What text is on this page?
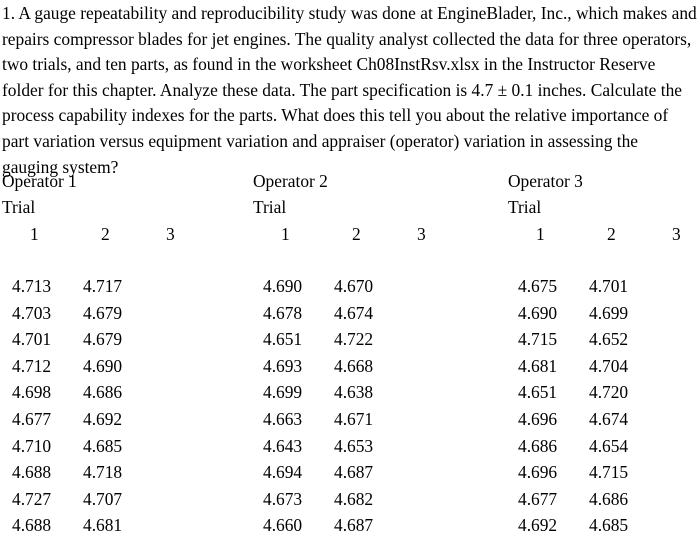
1. A gauge repeatability and reproducibility study was done at EngineBlader, Inc., which makes and repairs compressor blades for jet engines. The quality analyst collected the data for three operators, two trials, and ten parts, as found in the worksheet Ch08InstRsv.xlsx in the Instructor Reserve folder for this chapter. Analyze these data. The part specification is 4.7 ± 0.1 inches. Calculate the process capability indexes for the parts. What does this tell you about the relative importance of part variation versus equipment variation and appraiser (operator) variation in assessing the gauging system?

Operator 1
Trial
1	2	3
4.713 4.717
4.703 4.679
4.701 4.679
4.712 4.690
4.698 4.686
4.677 4.692
4.710 4.685
4.688 4.718
4.727 4.707
4.688 4.681
Operator 2
Trial
1	2	3
4.690 4.670
4.678 4.674
4.651 4.722
4.693 4.668
4.699 4.638
4.663 4.671
4.643 4.653
4.694 4.687
4.673 4.682
4.660 4.687
Operator 3
Trial
1	2	3
4.675 4.701
4.690 4.699
4.715 4.652
4.681 4.704
4.651 4.720
4.696 4.674
4.686 4.654
4.696 4.715
4.677 4.686
4.692 4.685
